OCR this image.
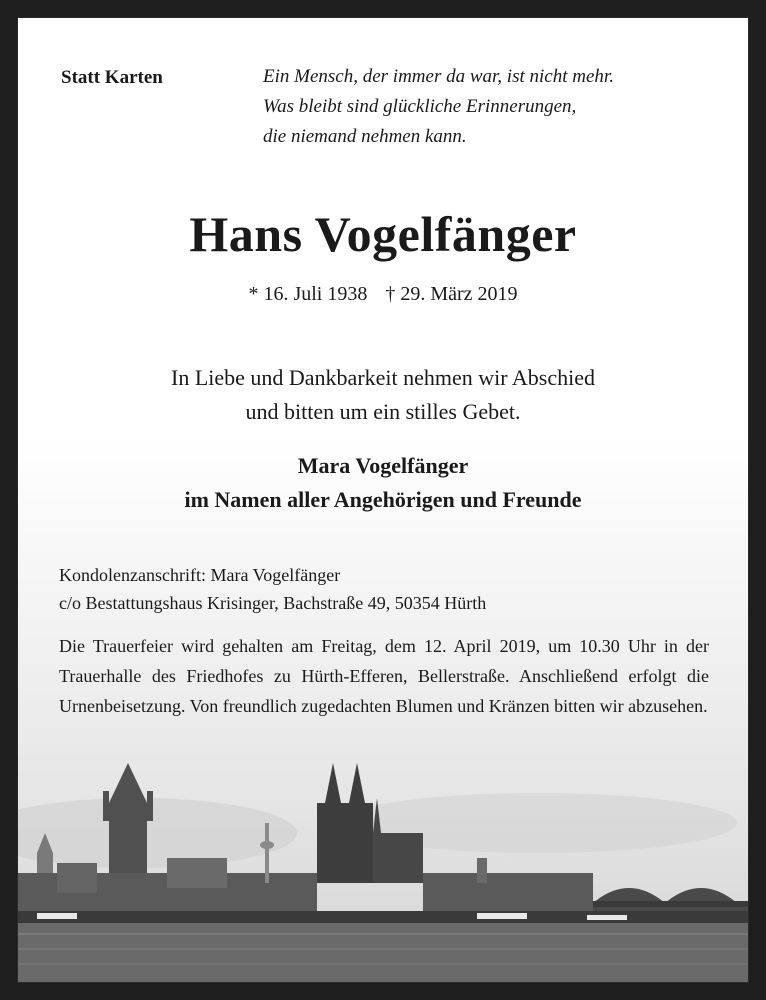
Statt Karten	Ein Mensch, der immer da war, ist nicht mehr.
Was bleibt sind glückliche Erinnerungen,
die niemand nehmen kann.
Hans Vogelfänger
* 16. Juli 1938 † 29. März 2019
In Liebe und Dankbarkeit nehmen wir Abschied
und bitten um ein stilles Gebet.
Mara Vogelfänger
im Namen aller Angehörigen und Freunde
Kondolenzanschrift: Mara Vogelfänger
c/o Bestattungshaus Krisinger, Bachstraße 49, 50354 Hürth
Die Trauerfeier wird gehalten am Freitag, dem 12. April 2019, um 10.30 Uhr in der Trauerhalle des Friedhofes zu Hürth-Efferen, Bellerstraße. Anschließend erfolgt die Urnenbeisetzung. Von freundlich zugedachten Blumen und Kränzen bitten wir abzusehen.
